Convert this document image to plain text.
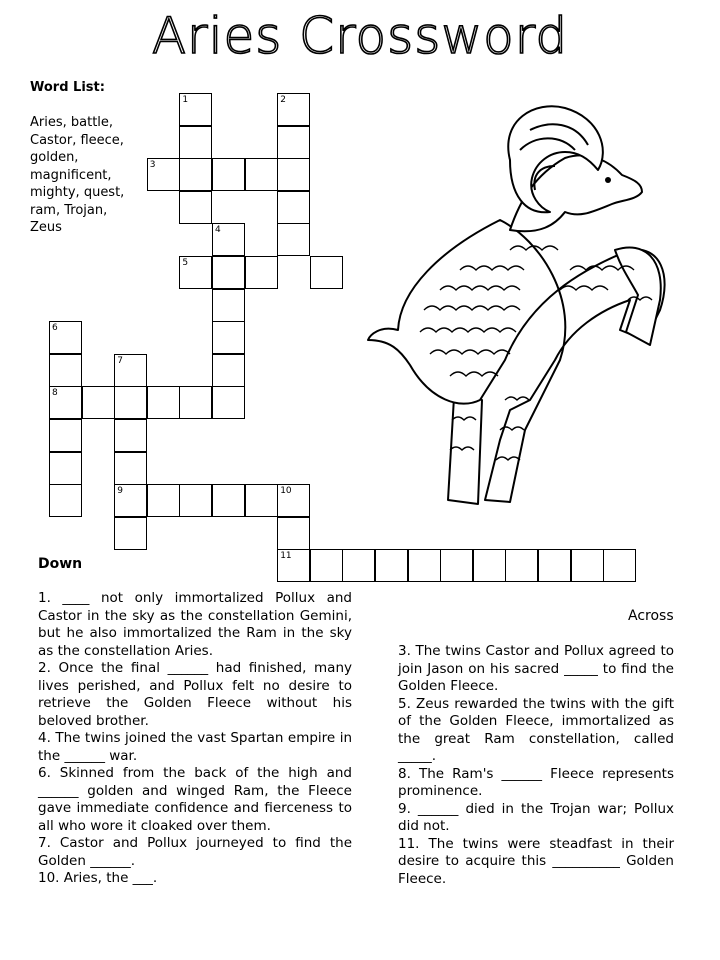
Aries Crossword
Word List:
Aries, battle, Castor, fleece, golden, magnificent, mighty, quest, ram, Trojan, Zeus
1	2
3
4
5
6
8
7
9	10
11
Down

1. ____ not only immortalized Pollux and Castor in the sky as the constellation Gemini, but he also immortalized the Ram in the sky as the constellation Aries.

2. Once the final ______ had finished, many lives perished, and Pollux felt no desire to retrieve the Golden Fleece without his beloved brother.

4. The twins joined the vast Spartan empire in the ______ war.

6. Skinned from the back of the high and ______ golden and winged Ram, the Fleece gave immediate confidence and fierceness to all who wore it cloaked over them.

7. Castor and Pollux journeyed to find the Golden ______.

10. Aries, the ___.

Across

3. The twins Castor and Pollux agreed to join Jason on his sacred _____ to find the Golden Fleece.

5. Zeus rewarded the twins with the gift of the Golden Fleece, immortalized as the great Ram constellation, called _____.

8. The Ram's ______ Fleece represents prominence.

9. ______ died in the Trojan war; Pollux did not.

11. The twins were steadfast in their desire to acquire this __________ Golden Fleece.
